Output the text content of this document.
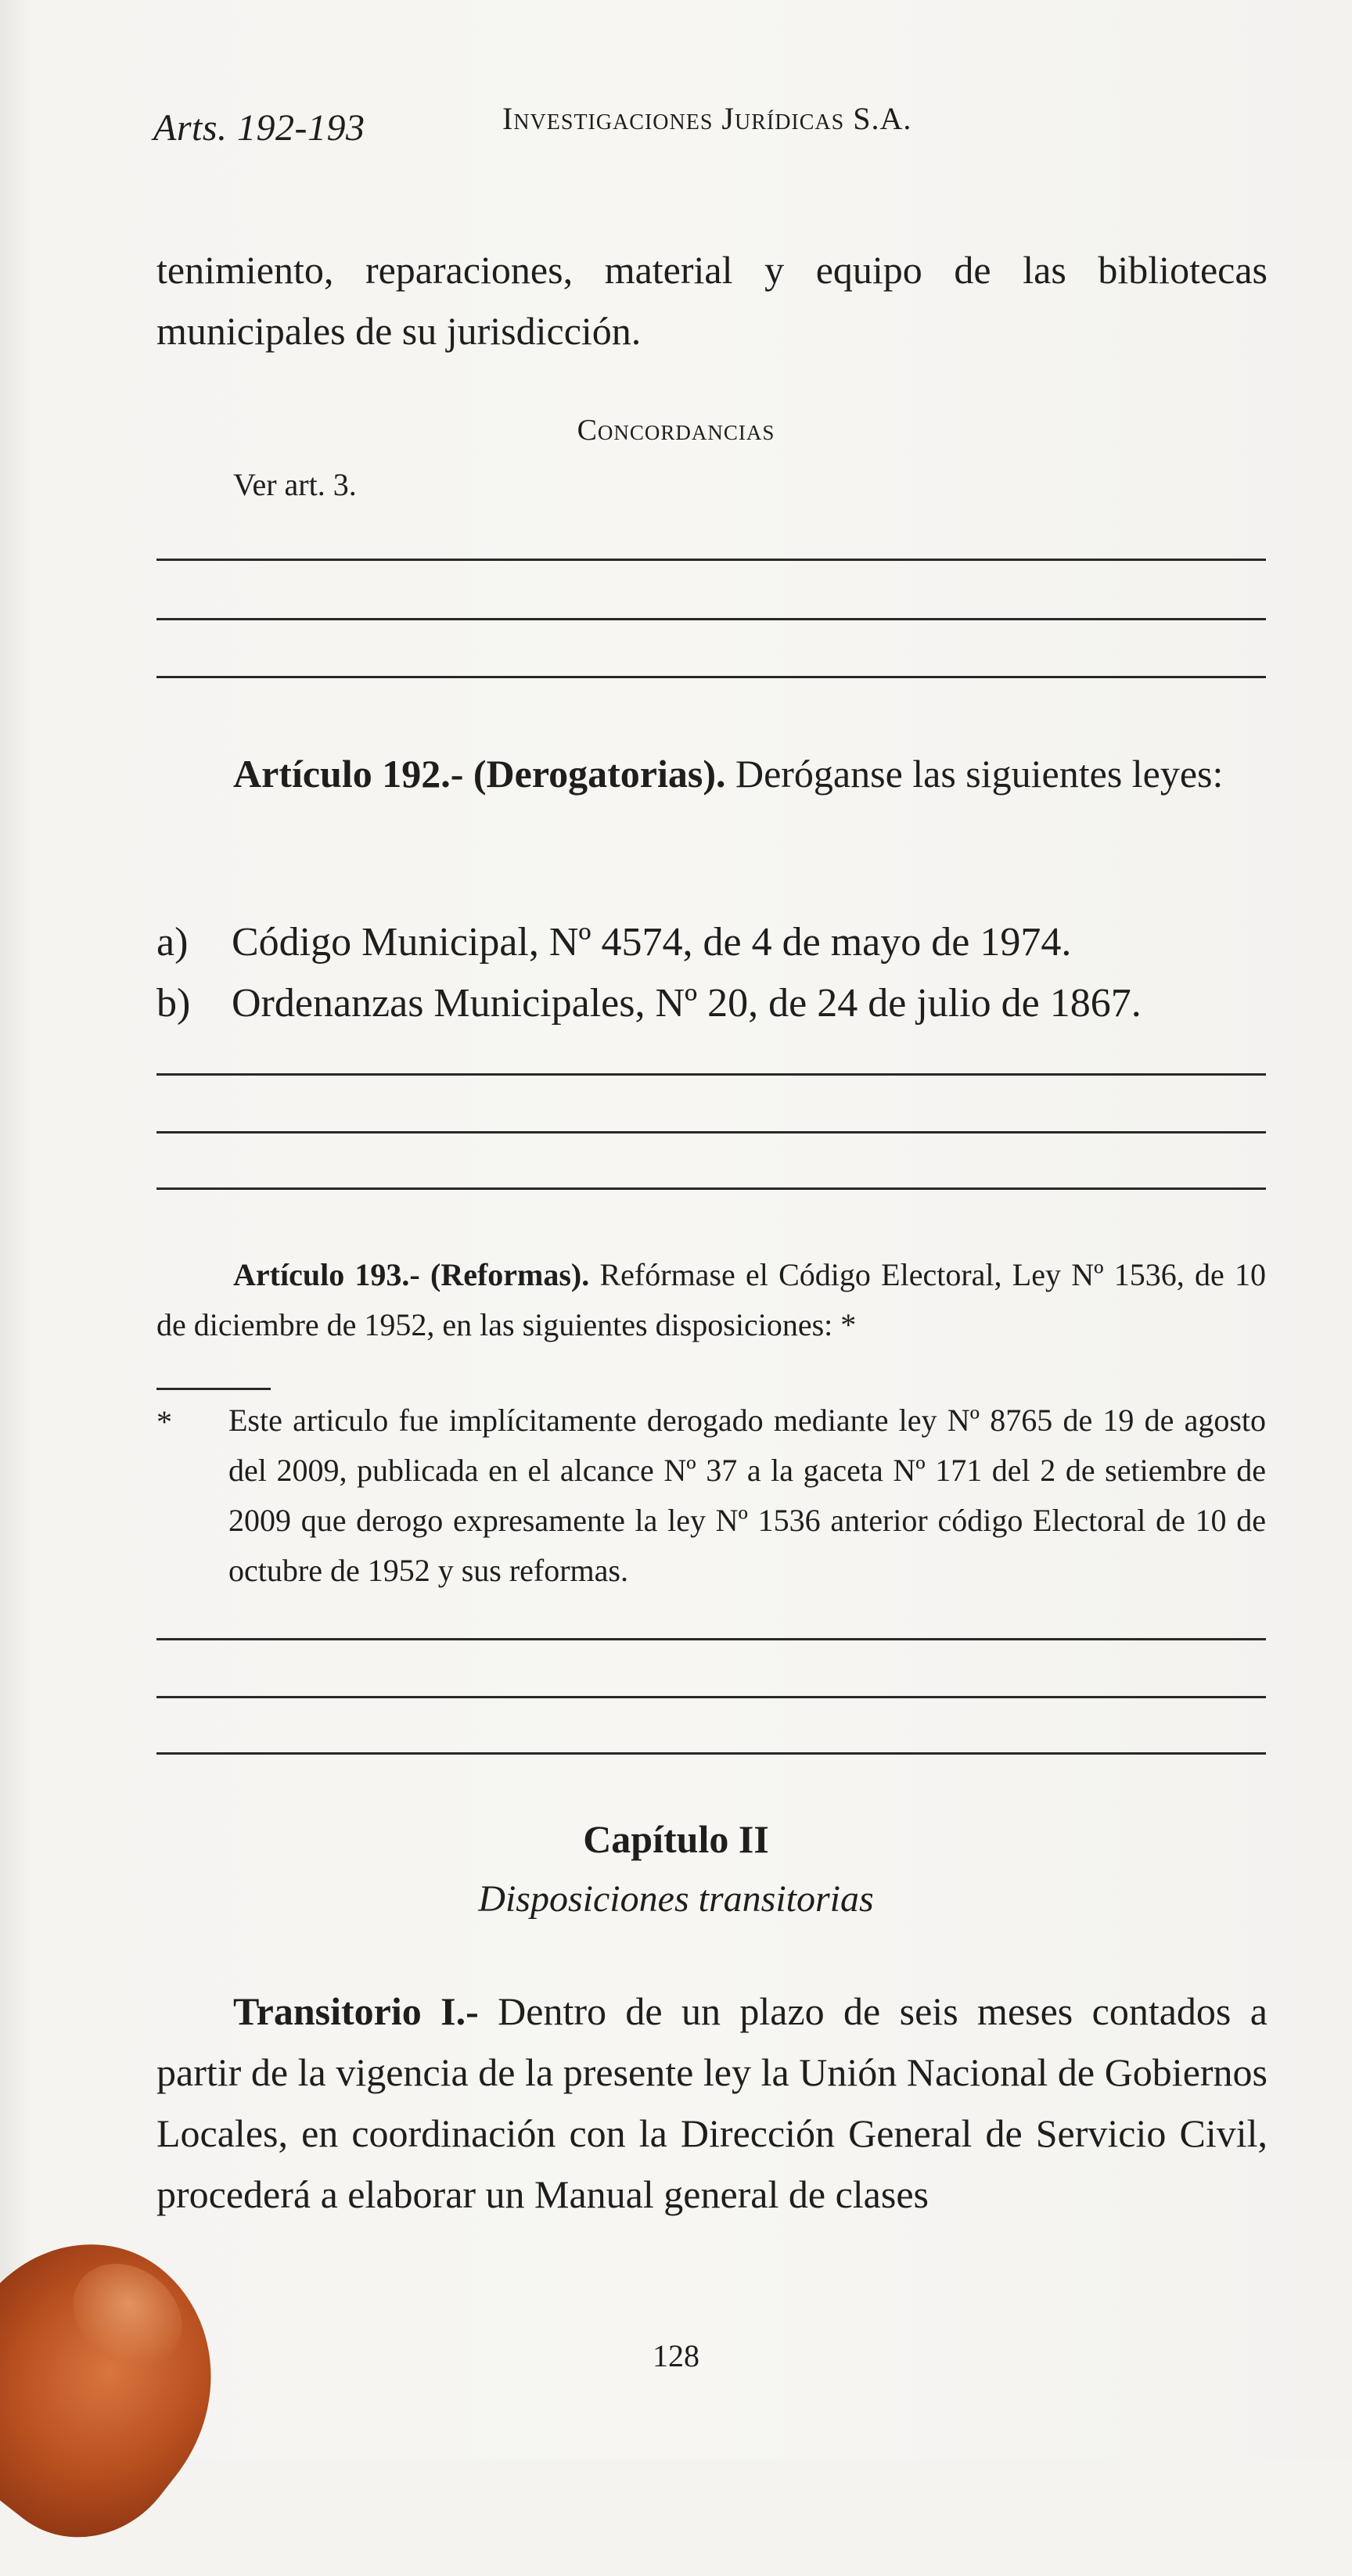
Arts. 192-193	Investigaciones Jurídicas S.A.
tenimiento, reparaciones, material y equipo de las bibliotecas municipales de su jurisdicción.
Concordancias
Ver art. 3.
Artículo 192.- (Derogatorias). Deróganse las siguientes leyes:
a)	Código Municipal, Nº 4574, de 4 de mayo de 1974.
b)	Ordenanzas Municipales, Nº 20, de 24 de julio de 1867.
Artículo 193.- (Reformas). Refórmase el Código Electoral, Ley Nº 1536, de 10 de diciembre de 1952, en las siguientes disposiciones: *
*	Este articulo fue implícitamente derogado mediante ley Nº 8765 de 19 de agosto del 2009, publicada en el alcance Nº 37 a la gaceta Nº 171 del 2 de setiembre de 2009 que derogo expresamente la ley Nº 1536 anterior código Electoral de 10 de octubre de 1952 y sus reformas.
Capítulo II
Disposiciones transitorias
Transitorio I.- Dentro de un plazo de seis meses contados a partir de la vigencia de la presente ley la Unión Nacional de Gobiernos Locales, en coordinación con la Dirección General de Servicio Civil, procederá a elaborar un Manual general de clases
128
